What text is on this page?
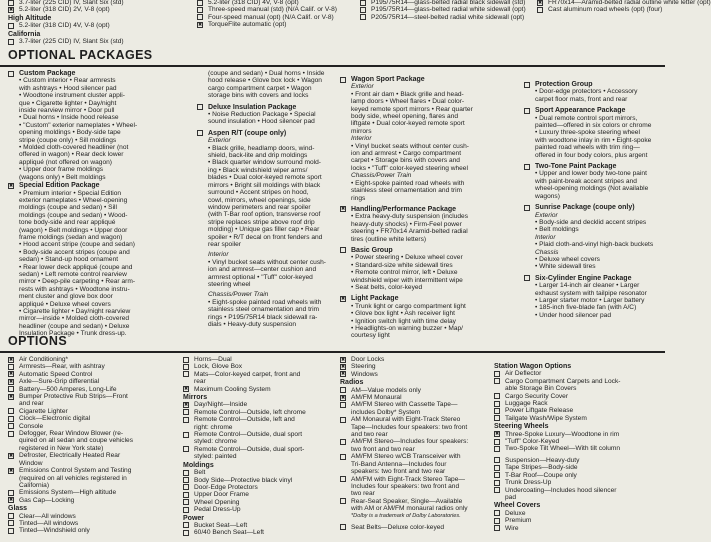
3.7-liter (225 CID) IV, Slant Six (std)
✖
5.2-liter (318 CID) 2V, V-8 (opt)
High Altitude
5.2-liter (318 CID) 4V, V-8 (opt)
California
3.7-liter (225 CID) IV, Slant Six (std)
5.2-liter (318 CID) 4V, V-8 (opt)
Three-speed manual (std) (N/A Calif. or V-8)
Four-speed manual (opt) (N/A Calif. or V-8)
✖
TorqueFlite automatic (opt)
P195/75R14—glass-belted radial black sidewall (std)
P195/75R14—glass-belted radial white sidewall (opt)
P205/75R14—steel-belted radial white sidewall (opt)
✖
FR70x14—Aramid-belted radial outline white letter (opt)
Cast aluminum road wheels (opt) (four)
OPTIONAL PACKAGES
Custom Package
• Custom interior • Rear armrests
with ashtrays • Hood silencer pad
• Woodtone instrument cluster appli-
que • Cigarette lighter • Day/night
inside rearview mirror • Door pull
• Dual horns • Inside hood release
• "Custom" exterior nameplates • Wheel-
opening moldings • Body-side tape
stripe (coupe only) • Sill moldings
• Molded cloth-covered headliner (not
offered in wagon) • Rear deck lower
appliqué (not offered on wagon)
• Upper door frame moldings
(wagons only) • Belt moldings
✖
Special Edition Package
• Premium interior • Special Edition
exterior nameplates • Wheel-opening
moldings (coupe and sedan) • Sill
moldings (coupe and sedan) • Wood-
tone body-side and rear appliqué
(wagon) • Belt moldings • Upper door
frame moldings (sedan and wagon)
• Hood accent stripe (coupe and sedan)
• Body-side accent stripes (coupe and
sedan) • Stand-up hood ornament
• Rear lower deck appliqué (coupe and
sedan) • Left remote control rearview
mirror • Deep-pile carpeting • Rear arm-
rests with ashtrays • Woodtone instru-
ment cluster and glove box door
appliqué • Deluxe wheel covers
• Cigarette lighter • Day/night rearview
mirror—inside • Molded cloth-covered
headliner (coupe and sedan) • Deluxe
Insulation Package • Trunk dress-up.
(coupe and sedan) • Dual horns • Inside
hood release • Glove box lock • Wagon
cargo compartment carpet • Wagon
storage bins with covers and locks
Deluxe Insulation Package
• Noise Reduction Package • Special
sound insulation • Hood silencer pad
Aspen R/T (coupe only)
Exterior
• Black grille, headlamp doors, wind-
shield, back-lite and drip moldings
• Black quarter window surround mold-
ing • Black windshield wiper arms/
blades • Dual color-keyed remote sport
mirrors • Bright sill moldings with black
surround • Accent stripes on hood,
cowl, mirrors, wheel openings, side
window perimeters and rear spoiler
(with T-Bar roof option, transverse roof
stripe replaces stripe above roof drip
molding) • Unique gas filler cap • Rear
spoiler • R/T decal on front fenders and
rear spoiler
Interior
• Vinyl bucket seats without center cush-
ion and armrest—center cushion and
armrest optional • "Tuff" color-keyed
steering wheel
Chassis/Power Train
• Eight-spoke painted road wheels with
stainless steel ornamentation and trim
rings • P195/75R14 black sidewall ra-
dials • Heavy-duty suspension
Wagon Sport Package
Exterior
• Front air dam • Black grille and head-
lamp doors • Wheel flares • Dual color-
keyed remote sport mirrors • Rear quarter
body side, wheel opening, flares and
liftgate • Dual color-keyed remote sport
mirrors
Interior
• Vinyl bucket seats without center cush-
ion and armrest • Cargo compartment
carpet • Storage bins with covers and
locks • "Tuff" color-keyed steering wheel
Chassis/Power Train
• Eight-spoke painted road wheels with
stainless steel ornamentation and trim
rings
✖
Handling/Performance Package
• Extra heavy-duty suspension (includes
heavy-duty shocks) • Firm-Feel power
steering • FR70x14 Aramid-belted radial
tires (outline white letters)
Basic Group
• Power steering • Deluxe wheel cover
• Standard-size white sidewall tires
• Remote control mirror, left • Deluxe
windshield wiper with intermittent wipe
• Seat belts, color-keyed
✖
Light Package
• Trunk light or cargo compartment light
• Glove box light • Ash receiver light
• Ignition switch light with time delay
• Headlights-on warning buzzer • Map/
courtesy light
Protection Group
• Door-edge protectors • Accessory
carpet floor mats, front and rear
Sport Appearance Package
• Dual remote control sport mirrors,
painted—offered in six colors or chrome
• Luxury three-spoke steering wheel
with woodtone inlay in rim • Eight-spoke
painted road wheels with trim ring—
offered in four body colors, plus argent
Two-Tone Paint Package
• Upper and lower body two-tone paint
with paint-break accent stripes and
wheel-opening moldings (Not available
wagons)
Sunrise Package (coupe only)
Exterior
• Body-side and decklid accent stripes
• Belt moldings
Interior
• Plaid cloth-and-vinyl high-back buckets
Chassis
• Deluxe wheel covers
• White sidewall tires
Six-Cylinder Engine Package
• Larger 14-inch air cleaner • Larger
exhaust system with tailpipe resonator
• Larger starter motor • Larger battery
• 185-inch five-blade fan (with A/C)
• Under hood silencer pad
OPTIONS
✖
Air Conditioning*
Armrests—Rear, with ashtray
✖
Automatic Speed Control
✖
Axle—Sure-Grip differential
Battery—500 Amperes, Long-Life
✖
Bumper Protective Rub Strips—Front
and rear
Cigarette Lighter
Clock—Electronic digital
Console
Defogger, Rear Window Blower (re-
quired on all sedan and coupe vehicles
registered in New York state)
✖
Defroster, Electrically Heated Rear
Window
✖
Emissions Control System and Testing
(required on all vehicles registered in
California)
Emissions System—High altitude
✖
Gas Cap—Locking
Glass
Clear—All windows
Tinted—All windows
Tinted—Windshield only
Horns—Dual
Lock, Glove Box
Mats—Color-keyed carpet, front and
rear
✖
Maximum Cooling System
Mirrors
✖
Day/Night—Inside
Remote Control—Outside, left chrome
Remote Control—Outside, left and
right: chrome
Remote Control—Outside, dual sport
styled: chrome
Remote Control—Outside, dual sport-
styled: painted
Moldings
Belt
Body Side—Protective black vinyl
Door-Edge Protectors
Upper Door Frame
Wheel Opening
Pedal Dress-Up
Power
Bucket Seat—Left
60/40 Bench Seat—Left
✖
Door Locks
✖
Steering
✖
Windows
Radios
AM—Value models only
✖
AM/FM Monaural
AM/FM Stereo with Cassette Tape—
includes Dolby* System
AM Monaural with Eight-Track Stereo
Tape—Includes four speakers: two front
and two rear
AM/FM Stereo—Includes four speakers:
two front and two rear
AM/FM Stereo w/CB Transceiver with
Tri-Band Antenna—Includes four
speakers: two front and two rear
AM/FM with Eight-Track Stereo Tape—
Includes four speakers: two front and
two rear
Rear-Seat Speaker, Single—Available
with AM or AM/FM monaural radios only
*Dolby is a trademark of Dolby Laboratories.
Seat Belts—Deluxe color-keyed
Station Wagon Options
Air Deflector
Cargo Compartment Carpets and Lock-
able Storage Bin Covers
Cargo Security Cover
Luggage Rack
Power Liftgate Release
Tailgate Wash/Wipe System
Steering Wheels
✖
Three-Spoke Luxury—Woodtone in rim
"Tuff" Color-Keyed
Two-Spoke Tilt Wheel—With tilt column
Suspension—Heavy-duty
Tape Stripes—Body-side
T-Bar Roof—Coupe only
Trunk Dress-Up
Undercoating—Includes hood silencer
pad
Wheel Covers
Deluxe
Premium
Wire
